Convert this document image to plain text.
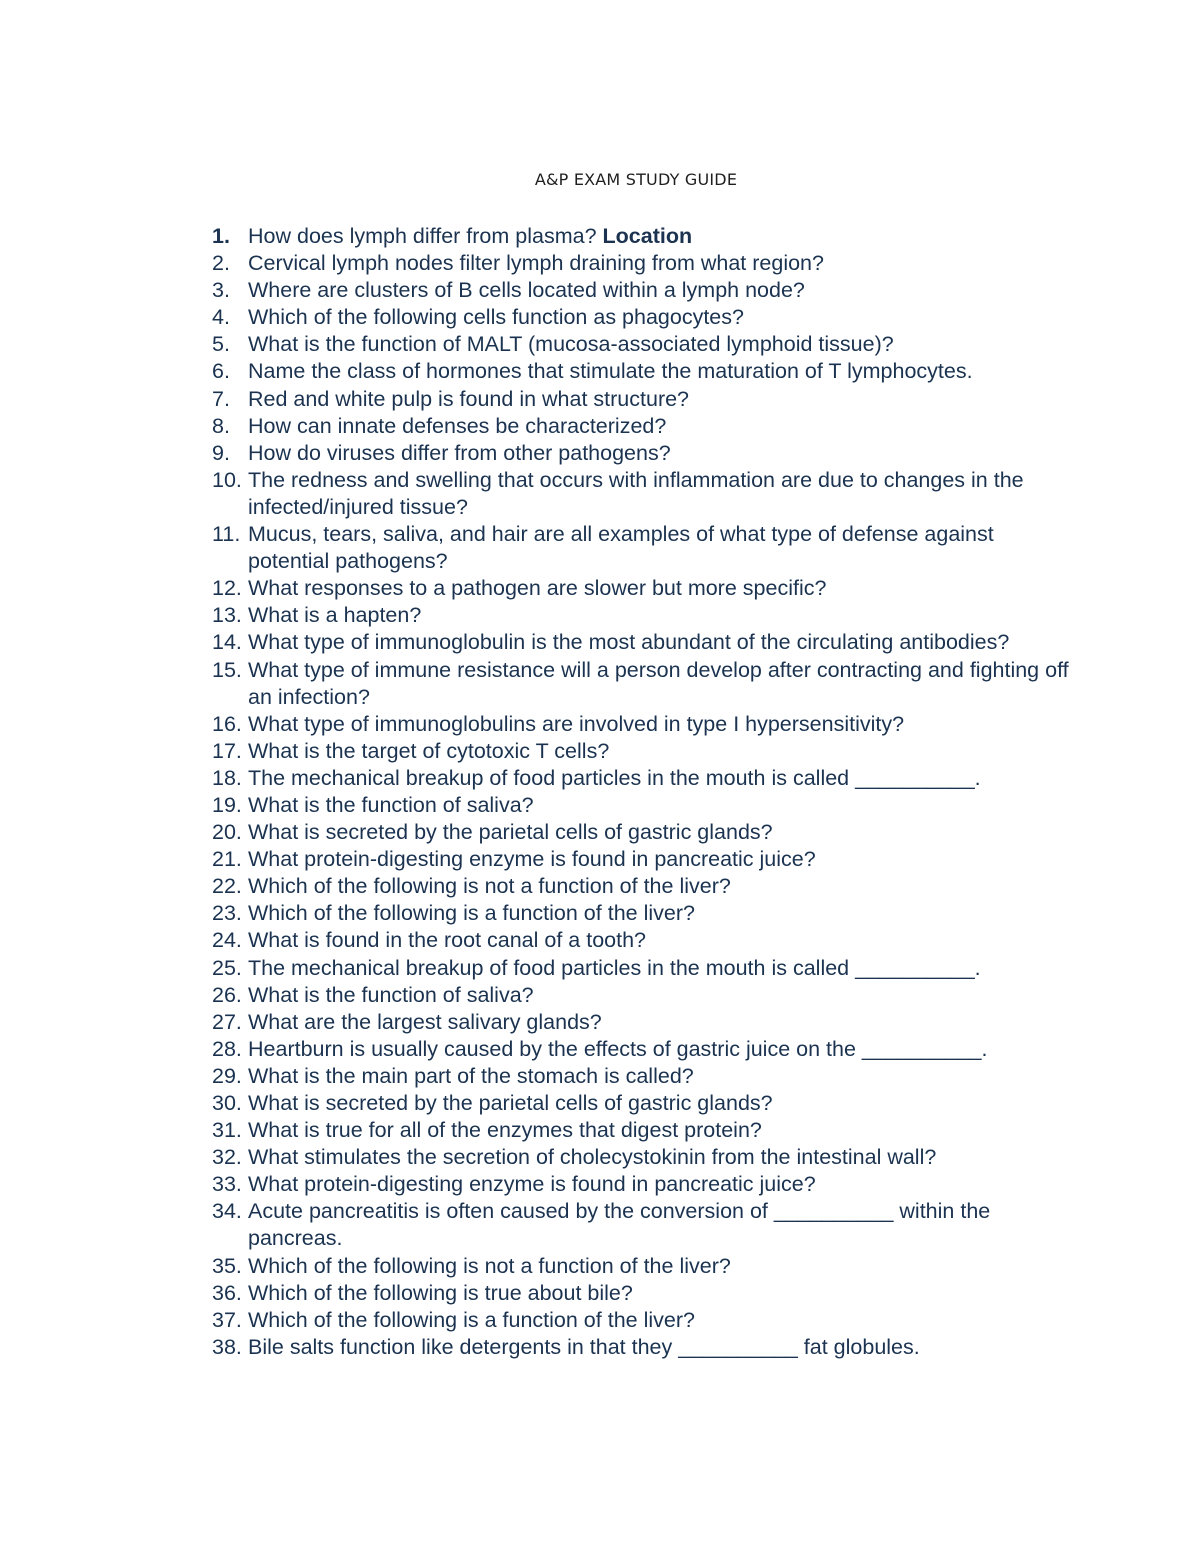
A&P EXAM STUDY GUIDE
1. How does lymph differ from plasma? Location
2. Cervical lymph nodes filter lymph draining from what region?
3. Where are clusters of B cells located within a lymph node?
4. Which of the following cells function as phagocytes?
5. What is the function of MALT (mucosa-associated lymphoid tissue)?
6. Name the class of hormones that stimulate the maturation of T lymphocytes.
7. Red and white pulp is found in what structure?
8. How can innate defenses be characterized?
9. How do viruses differ from other pathogens?
10. The redness and swelling that occurs with inflammation are due to changes in the infected/injured tissue?
11. Mucus, tears, saliva, and hair are all examples of what type of defense against potential pathogens?
12. What responses to a pathogen are slower but more specific?
13. What is a hapten?
14. What type of immunoglobulin is the most abundant of the circulating antibodies?
15. What type of immune resistance will a person develop after contracting and fighting off an infection?
16. What type of immunoglobulins are involved in type I hypersensitivity?
17. What is the target of cytotoxic T cells?
18. The mechanical breakup of food particles in the mouth is called __________.
19. What is the function of saliva?
20. What is secreted by the parietal cells of gastric glands?
21. What protein-digesting enzyme is found in pancreatic juice?
22. Which of the following is not a function of the liver?
23. Which of the following is a function of the liver?
24. What is found in the root canal of a tooth?
25. The mechanical breakup of food particles in the mouth is called __________.
26. What is the function of saliva?
27. What are the largest salivary glands?
28. Heartburn is usually caused by the effects of gastric juice on the __________.
29. What is the main part of the stomach is called?
30. What is secreted by the parietal cells of gastric glands?
31. What is true for all of the enzymes that digest protein?
32. What stimulates the secretion of cholecystokinin from the intestinal wall?
33. What protein-digesting enzyme is found in pancreatic juice?
34. Acute pancreatitis is often caused by the conversion of __________ within the pancreas.
35. Which of the following is not a function of the liver?
36. Which of the following is true about bile?
37. Which of the following is a function of the liver?
38. Bile salts function like detergents in that they __________ fat globules.
